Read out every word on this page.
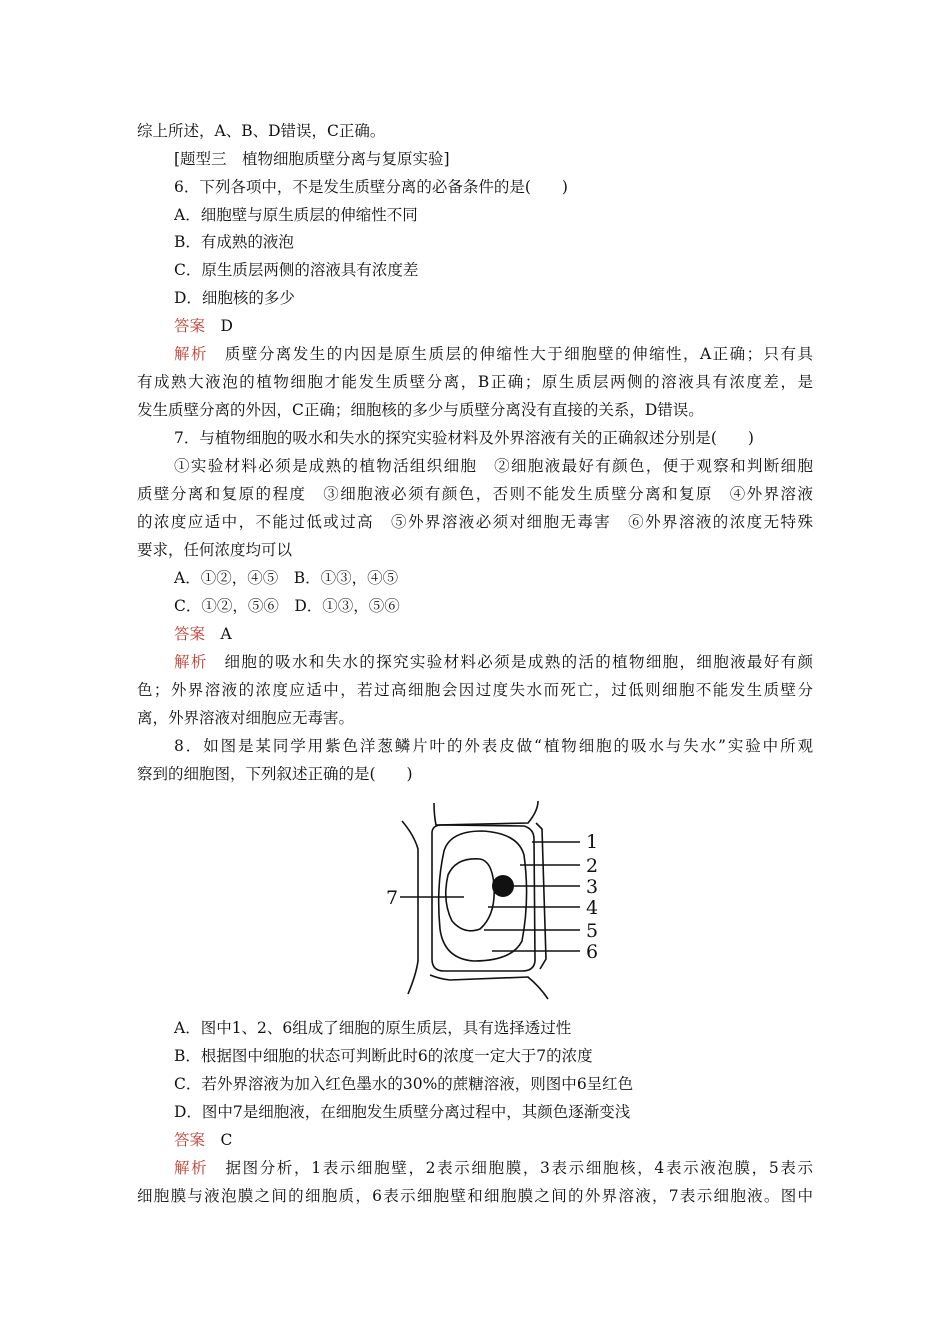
综上所述，A、B、D错误，C正确。
[题型三　植物细胞质壁分离与复原实验]
6．下列各项中，不是发生质壁分离的必备条件的是(　　)
A．细胞壁与原生质层的伸缩性不同
B．有成熟的液泡
C．原生质层两侧的溶液具有浓度差
D．细胞核的多少
答案 D
解析 质壁分离发生的内因是原生质层的伸缩性大于细胞壁的伸缩性，A正确；只有具
有成熟大液泡的植物细胞才能发生质壁分离，B正确；原生质层两侧的溶液具有浓度差，是
发生质壁分离的外因，C正确；细胞核的多少与质壁分离没有直接的关系，D错误。
7．与植物细胞的吸水和失水的探究实验材料及外界溶液有关的正确叙述分别是(　　)
①实验材料必须是成熟的植物活组织细胞　②细胞液最好有颜色，便于观察和判断细胞
质壁分离和复原的程度　③细胞液必须有颜色，否则不能发生质壁分离和复原　④外界溶液
的浓度应适中，不能过低或过高　⑤外界溶液必须对细胞无毒害　⑥外界溶液的浓度无特殊
要求，任何浓度均可以
A．①②，④⑤　B．①③，④⑤
C．①②，⑤⑥　D．①③，⑤⑥
答案 A
解析 细胞的吸水和失水的探究实验材料必须是成熟的活的植物细胞，细胞液最好有颜
色；外界溶液的浓度应适中，若过高细胞会因过度失水而死亡，过低则细胞不能发生质壁分
离，外界溶液对细胞应无毒害。
8．如图是某同学用紫色洋葱鳞片叶的外表皮做“植物细胞的吸水与失水”实验中所观
察到的细胞图，下列叙述正确的是(　　)
1
2
3
4
5
6
7
A．图中1、2、6组成了细胞的原生质层，具有选择透过性
B．根据图中细胞的状态可判断此时6的浓度一定大于7的浓度
C．若外界溶液为加入红色墨水的30%的蔗糖溶液，则图中6呈红色
D．图中7是细胞液，在细胞发生质壁分离过程中，其颜色逐渐变浅
答案 C
解析 据图分析，1表示细胞壁，2表示细胞膜，3表示细胞核，4表示液泡膜，5表示
细胞膜与液泡膜之间的细胞质，6表示细胞壁和细胞膜之间的外界溶液，7表示细胞液。图中
